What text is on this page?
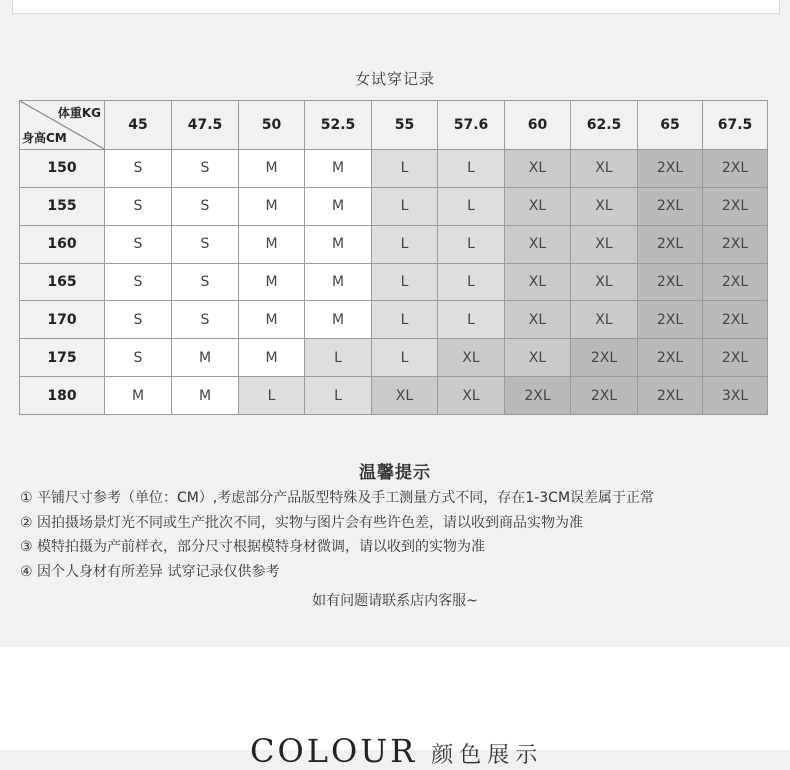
女试穿记录
体重KG
身高CM	45	47.5	50	52.5	55	57.6	60	62.5	65	67.5
150	S	S	M	M	L	L	XL	XL	2XL	2XL
155	S	S	M	M	L	L	XL	XL	2XL	2XL
160	S	S	M	M	L	L	XL	XL	2XL	2XL
165	S	S	M	M	L	L	XL	XL	2XL	2XL
170	S	S	M	M	L	L	XL	XL	2XL	2XL
175	S	M	M	L	L	XL	XL	2XL	2XL	2XL
180	M	M	L	L	XL	XL	2XL	2XL	2XL	3XL
温馨提示
① 平铺尺寸参考（单位：CM）,考虑部分产品版型特殊及手工测量方式不同，存在1-3CM误差属于正常
② 因拍摄场景灯光不同或生产批次不同，实物与图片会有些许色差，请以收到商品实物为准
③ 模特拍摄为产前样衣，部分尺寸根据模特身材微调，请以收到的实物为准
④ 因个人身材有所差异 试穿记录仅供参考
如有问题请联系店内客服~
COLOUR 颜色展示
